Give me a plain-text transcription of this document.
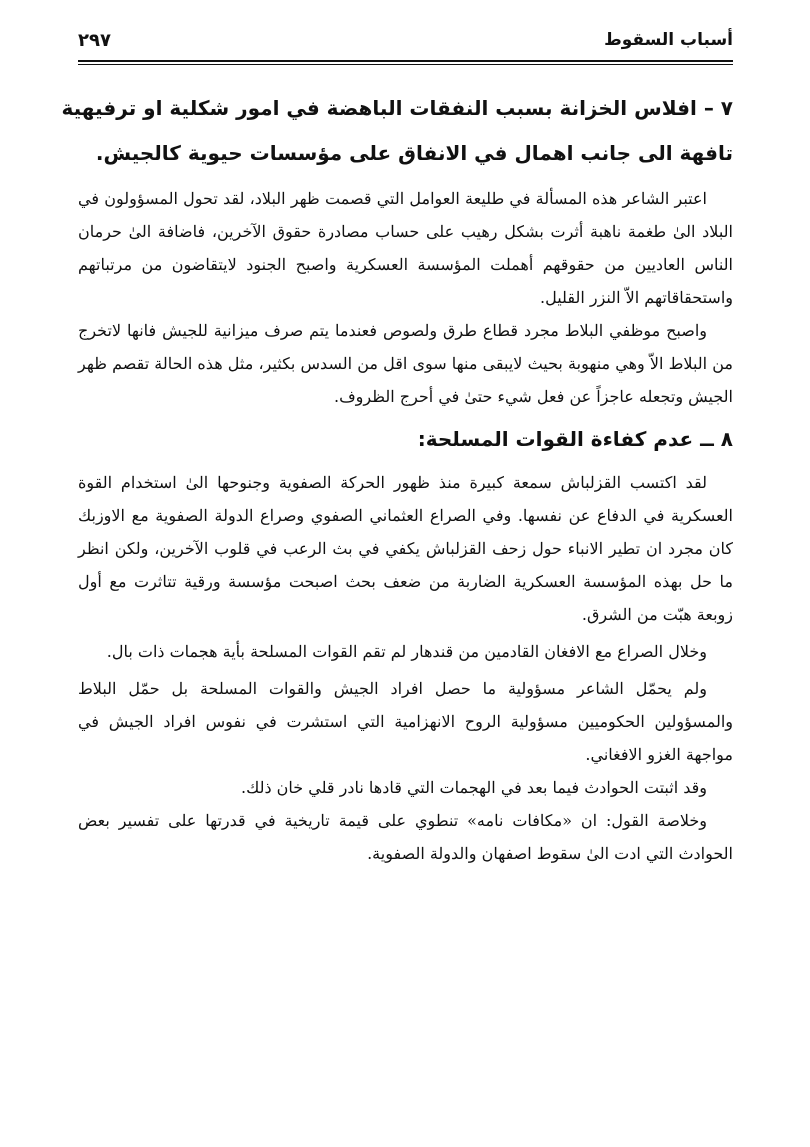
أسباب السقوط
٢٩٧

٧ – افلاس الخزانة بسبب النفقات الباهضة في امور شكلية او ترفيهية

تافهة الى جانب اهمال في الانفاق على مؤسسات حيوية كالجيش.

اعتبر الشاعر هذه المسألة في طليعة العوامل التي قصمت ظهر البلاد، لقد تحول المسؤولون في البلاد الىٰ طغمة ناهبة أثرت بشكل رهيب على حساب مصادرة حقوق الآخرين، فاضافة الىٰ حرمان الناس العاديين من حقوقهم أهملت المؤسسة العسكرية واصبح الجنود لايتقاضون من مرتباتهم واستحقاقاتهم الاّ النزر القليل.

واصبح موظفي البلاط مجرد قطاع طرق ولصوص فعندما يتم صرف ميزانية للجيش فانها لاتخرج من البلاط الاّ وهي منهوبة بحيث لايبقى منها سوى اقل من السدس بكثير، مثل هذه الحالة تقصم ظهر الجيش وتجعله عاجزاً عن فعل شيء حتىٰ في أحرج الظروف.

٨ ــ عدم كفاءة القوات المسلحة:

لقد اكتسب القزلباش سمعة كبيرة منذ ظهور الحركة الصفوية وجنوحها الىٰ استخدام القوة العسكرية في الدفاع عن نفسها. وفي الصراع العثماني الصفوي وصراع الدولة الصفوية مع الاوزبك كان مجرد ان تطير الانباء حول زحف القزلباش يكفي في بث الرعب في قلوب الآخرين، ولكن انظر ما حل بهذه المؤسسة العسكرية الضاربة من ضعف بحث اصبحت مؤسسة ورقية تتاثرت مع أول زوبعة هبّت من الشرق.

وخلال الصراع مع الافغان القادمين من قندهار لم تقم القوات المسلحة بأية هجمات ذات بال.

ولم يحمّل الشاعر مسؤولية ما حصل افراد الجيش والقوات المسلحة بل حمّل البلاط والمسؤولين الحكوميين مسؤولية الروح الانهزامية التي استشرت في نفوس افراد الجيش في مواجهة الغزو الافغاني.

وقد اثبتت الحوادث فيما بعد في الهجمات التي قادها نادر قلي خان ذلك.

وخلاصة القول: ان «مكافات نامه» تنطوي على قيمة تاريخية في قدرتها على تفسير بعض الحوادث التي ادت الىٰ سقوط اصفهان والدولة الصفوية.
